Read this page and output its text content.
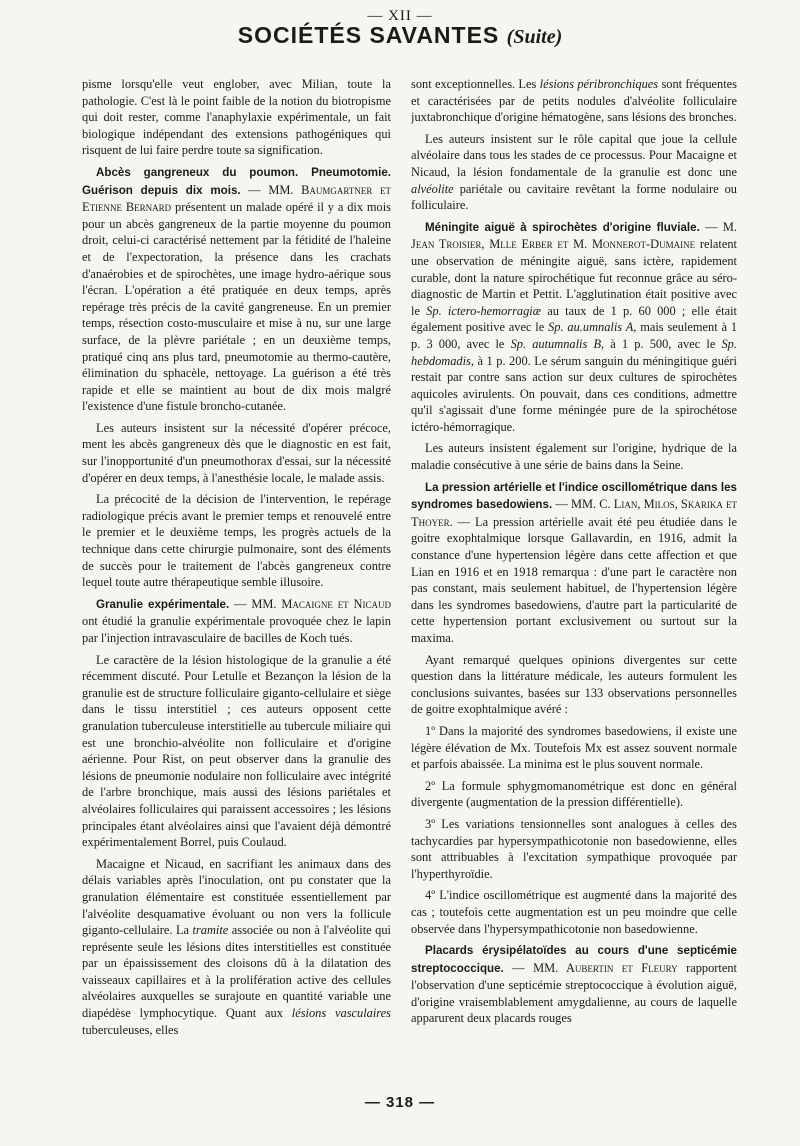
— XII —
SOCIÉTÉS SAVANTES (Suite)

pisme lorsqu'elle veut englober, avec Milian, toute la pathologie. C'est là le point faible de la notion du biotropisme qui doit rester, comme l'anaphylaxie expérimentale, un fait biologique indépendant des extensions pathogéniques qui risquent de lui faire perdre toute sa signification.

Abcès gangreneux du poumon. Pneumotomie. Guérison depuis dix mois. — MM. Baumgartner et Etienne Bernard présentent un malade opéré il y a dix mois pour un abcès gangreneux de la partie moyenne du poumon droit, celui-ci caractérisé nettement par la fétidité de l'haleine et de l'expectoration, la présence dans les crachats d'anaérobies et de spirochètes, une image hydro-aérique sous l'écran. L'opération a été pratiquée en deux temps, après repérage très précis de la cavité gangreneuse. En un premier temps, résection costo-musculaire et mise à nu, sur une large surface, de la plèvre pariétale ; en un deuxième temps, pratiqué cinq ans plus tard, pneumotomie au thermo-cautère, élimination du sphacèle, nettoyage. La guérison a été très rapide et elle se maintient au bout de dix mois malgré l'existence d'une fistule broncho-cutanée.

Les auteurs insistent sur la nécessité d'opérer précoce, ment les abcès gangreneux dès que le diagnostic en est fait, sur l'inopportunité d'un pneumothorax d'essai, sur la nécessité d'opérer en deux temps, à l'anesthésie locale, le malade assis.

La précocité de la décision de l'intervention, le repérage radiologique précis avant le premier temps et renouvelé entre le premier et le deuxième temps, les progrès actuels de la technique dans cette chirurgie pulmonaire, sont des éléments de succès pour le traitement de l'abcès gangreneux contre lequel toute autre thérapeutique semble illusoire.

Granulie expérimentale. — MM. Macaigne et Nicaud ont étudié la granulie expérimentale provoquée chez le lapin par l'injection intravasculaire de bacilles de Koch tués.

Le caractère de la lésion histologique de la granulie a été récemment discuté. Pour Letulle et Bezançon la lésion de la granulie est de structure folliculaire giganto-cellulaire et siège dans le tissu interstitiel ; ces auteurs opposent cette granulation tuberculeuse interstitielle au tubercule miliaire qui est une bronchio-alvéolite non folliculaire et d'origine aérienne. Pour Rist, on peut observer dans la granulie des lésions de pneumonie nodulaire non folliculaire avec intégrité de l'arbre bronchique, mais aussi des lésions pariétales et alvéolaires folliculaires qui paraissent accessoires ; les lésions principales étant alvéolaires ainsi que l'avaient déjà démontré expérimentalement Borrel, puis Coulaud.

Macaigne et Nicaud, en sacrifiant les animaux dans des délais variables après l'inoculation, ont pu constater que la granulation élémentaire est constituée essentiellement par l'alvéolite desquamative évoluant ou non vers la follicule giganto-cellulaire. La tramite associée ou non à l'alvéolite qui représente seule les lésions dites interstitielles est constituée par un épaississement des cloisons dû à la dilatation des vaisseaux capillaires et à la prolifération active des cellules alvéolaires auxquelles se surajoute en quantité variable une diapédèse lymphocytique. Quant aux lésions vasculaires tuberculeuses, elles

sont exceptionnelles. Les lésions péribronchiques sont fréquentes et caractérisées par de petits nodules d'alvéolite folliculaire juxtabronchique d'origine hématogène, sans lésions des bronches.

Les auteurs insistent sur le rôle capital que joue la cellule alvéolaire dans tous les stades de ce processus. Pour Macaigne et Nicaud, la lésion fondamentale de la granulie est donc une alvéolite pariétale ou cavitaire revêtant la forme nodulaire ou folliculaire.

Méningite aiguë à spirochètes d'origine fluviale. — M. Jean Troisier, Mlle Erber et M. Monnerot-Dumaine relatent une observation de méningite aiguë, sans ictère, rapidement curable, dont la nature spirochétique fut reconnue grâce au séro-diagnostic de Martin et Pettit. L'agglutination était positive avec le Sp. ictero-hemorragiæ au taux de 1 p. 60 000 ; elle était également positive avec le Sp. au.umnalis A, mais seulement à 1 p. 3 000, avec le Sp. autumnalis B, à 1 p. 500, avec le Sp. hebdomadis, à 1 p. 200. Le sérum sanguin du méningitique guéri restait par contre sans action sur deux cultures de spirochètes aquicoles avirulents. On pouvait, dans ces conditions, admettre qu'il s'agissait d'une forme méningée pure de la spirochétose ictéro-hémorragique.

Les auteurs insistent également sur l'origine, hydrique de la maladie consécutive à une série de bains dans la Seine.

La pression artérielle et l'indice oscillométrique dans les syndromes basedowiens. — MM. C. Lian, Milos, Skarika et Thoyer. — La pression artérielle avait été peu étudiée dans le goitre exophtalmique lorsque Gallavardin, en 1916, admit la constance d'une hypertension légère dans cette affection et que Lian en 1916 et en 1918 remarqua : d'une part le caractère non pas constant, mais seulement habituel, de l'hypertension légère dans les syndromes basedowiens, d'autre part la particularité de cette hypertension portant exclusivement ou surtout sur la maxima.

Ayant remarqué quelques opinions divergentes sur cette question dans la littérature médicale, les auteurs formulent les conclusions suivantes, basées sur 133 observations personnelles de goitre exophtalmique avéré :

1º Dans la majorité des syndromes basedowiens, il existe une légère élévation de Mx. Toutefois Mx est assez souvent normale et parfois abaissée. La minima est le plus souvent normale.

2º La formule sphygmomanométrique est donc en général divergente (augmentation de la pression différentielle).

3º Les variations tensionnelles sont analogues à celles des tachycardies par hypersympathicotonie non basedowienne, elles sont attribuables à l'excitation sympathique provoquée par l'hyperthyroïdie.

4º L'indice oscillométrique est augmenté dans la majorité des cas ; toutefois cette augmentation est un peu moindre que celle observée dans l'hypersympathicotonie non basedowienne.

Placards érysipélatoïdes au cours d'une septicémie streptococcique. — MM. Aubertin et Fleury rapportent l'observation d'une septicémie streptococcique à évolution aiguë, d'origine vraisemblablement amygdalienne, au cours de laquelle apparurent deux placards rouges

— 318 —
